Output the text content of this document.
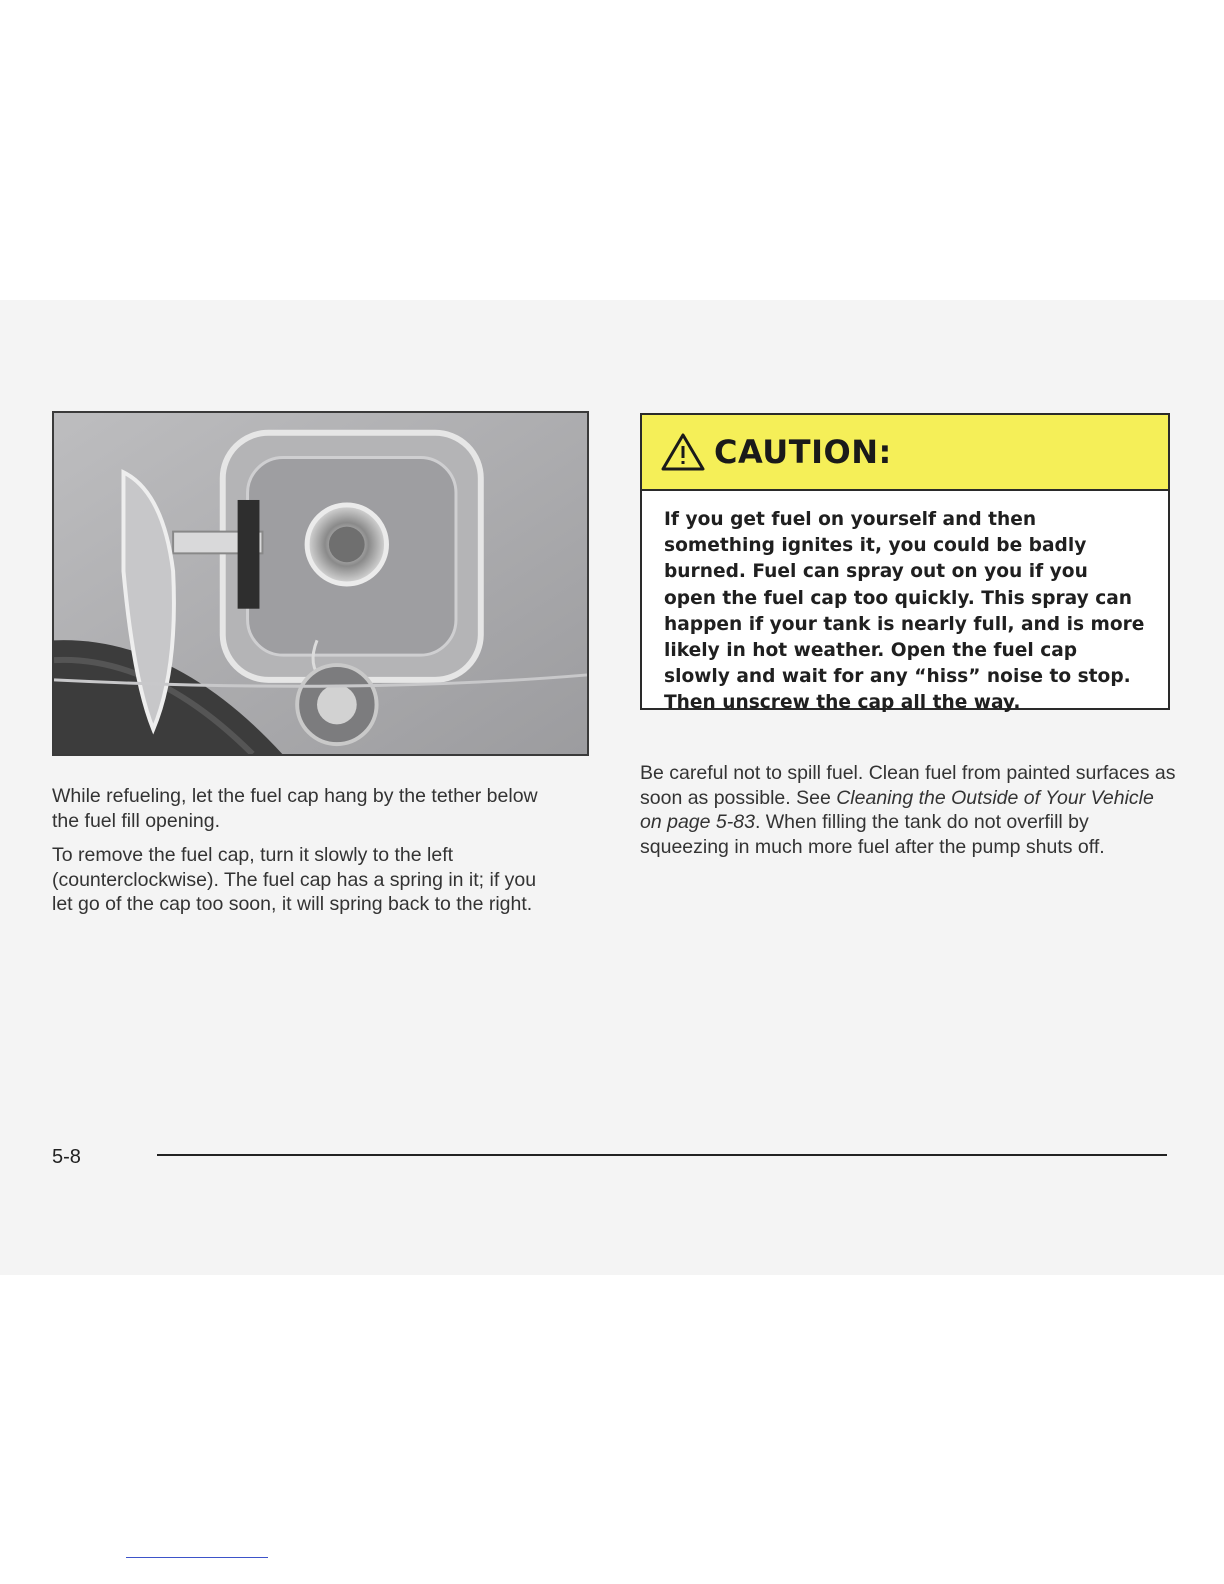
CAUTION:
If you get fuel on yourself and then something ignites it, you could be badly burned. Fuel can spray out on you if you open the fuel cap too quickly. This spray can happen if your tank is nearly full, and is more likely in hot weather. Open the fuel cap slowly and wait for any “hiss” noise to stop. Then unscrew the cap all the way.

While refueling, let the fuel cap hang by the tether below the fuel fill opening.

To remove the fuel cap, turn it slowly to the left (counterclockwise). The fuel cap has a spring in it; if you let go of the cap too soon, it will spring back to the right.

Be careful not to spill fuel. Clean fuel from painted surfaces as soon as possible. See Cleaning the Outside of Your Vehicle on page 5-83. When filling the tank do not overfill by squeezing in much more fuel after the pump shuts off.

5-8
